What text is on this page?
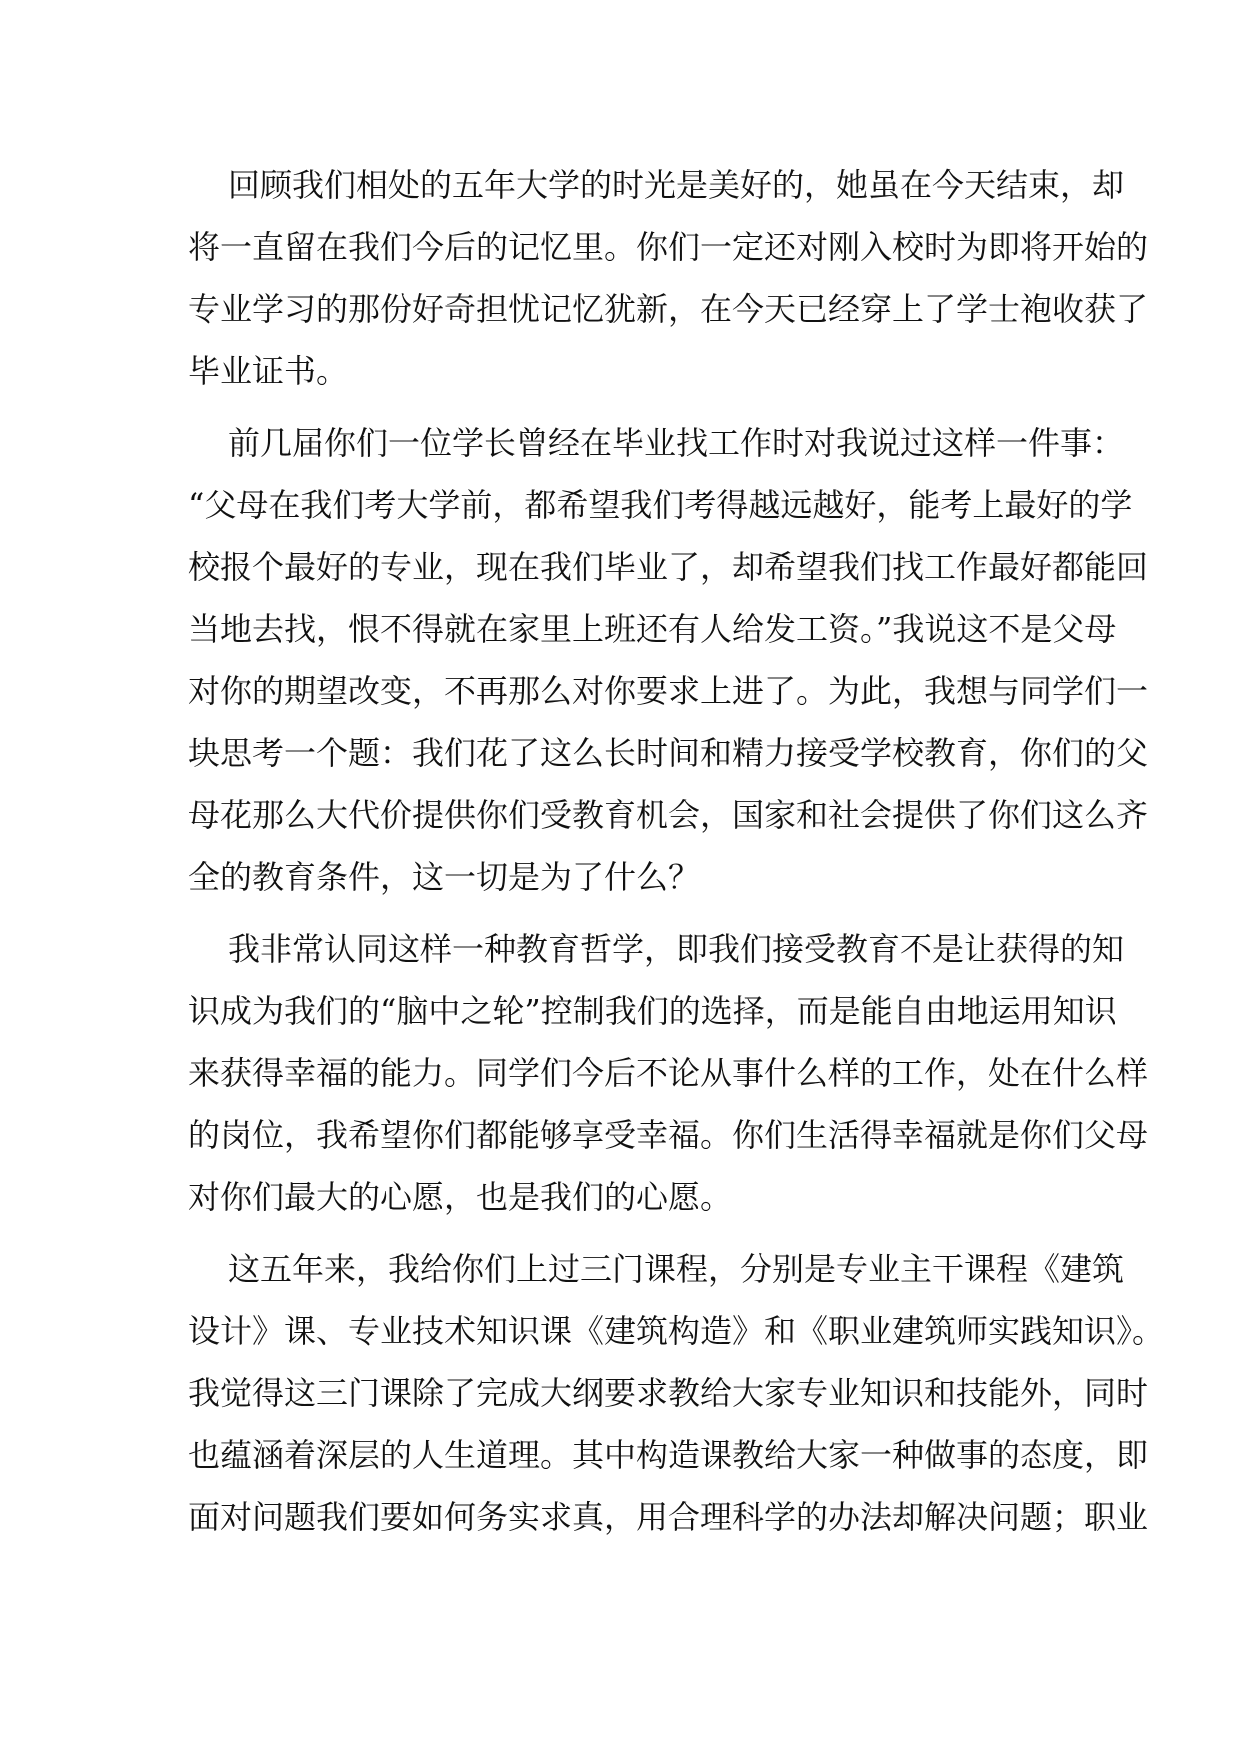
回顾我们相处的五年大学的时光是美好的，她虽在今天结束，却
将一直留在我们今后的记忆里。你们一定还对刚入校时为即将开始的
专业学习的那份好奇担忧记忆犹新，在今天已经穿上了学士袍收获了
毕业证书。
前几届你们一位学长曾经在毕业找工作时对我说过这样一件事：
“父母在我们考大学前，都希望我们考得越远越好，能考上最好的学
校报个最好的专业，现在我们毕业了，却希望我们找工作最好都能回
当地去找，恨不得就在家里上班还有人给发工资。”我说这不是父母
对你的期望改变，不再那么对你要求上进了。为此，我想与同学们一
块思考一个题：我们花了这么长时间和精力接受学校教育，你们的父
母花那么大代价提供你们受教育机会，国家和社会提供了你们这么齐
全的教育条件，这一切是为了什么？
我非常认同这样一种教育哲学，即我们接受教育不是让获得的知
识成为我们的“脑中之轮”控制我们的选择，而是能自由地运用知识
来获得幸福的能力。同学们今后不论从事什么样的工作，处在什么样
的岗位，我希望你们都能够享受幸福。你们生活得幸福就是你们父母
对你们最大的心愿，也是我们的心愿。
这五年来，我给你们上过三门课程，分别是专业主干课程《建筑
设计》课、专业技术知识课《建筑构造》和《职业建筑师实践知识》。
我觉得这三门课除了完成大纲要求教给大家专业知识和技能外，同时
也蕴涵着深层的人生道理。其中构造课教给大家一种做事的态度，即
面对问题我们要如何务实求真，用合理科学的办法却解决问题；职业
